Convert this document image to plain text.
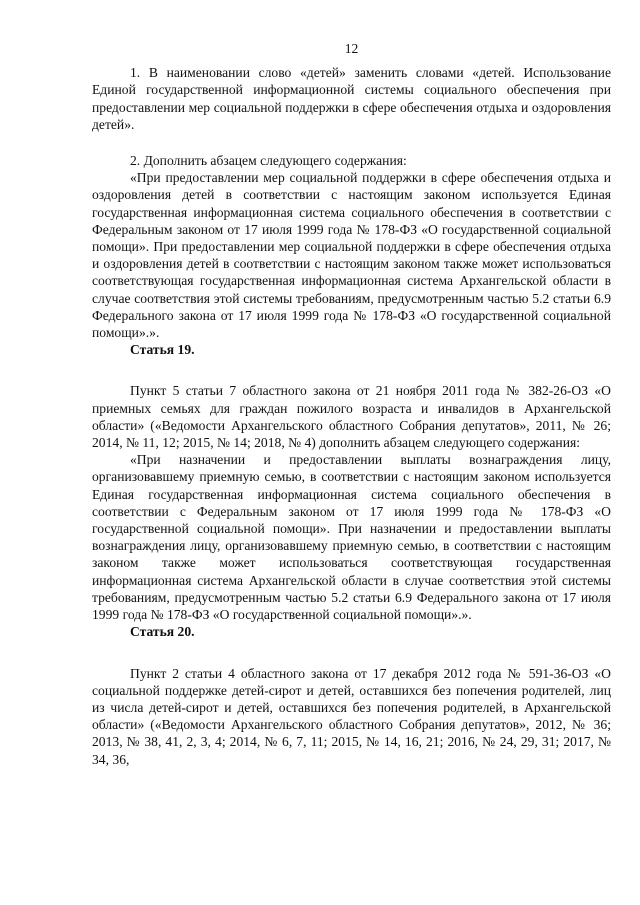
12

1. В наименовании слово «детей» заменить словами «детей. Использование Единой государственной информационной системы социального обеспечения при предоставлении мер социальной поддержки в сфере обеспечения отдыха и оздоровления детей».

2. Дополнить абзацем следующего содержания:

«При предоставлении мер социальной поддержки в сфере обеспечения отдыха и оздоровления детей в соответствии с настоящим законом используется Единая государственная информационная система социального обеспечения в соответствии с Федеральным законом от 17 июля 1999 года № 178-ФЗ «О государственной социальной помощи». При предоставлении мер социальной поддержки в сфере обеспечения отдыха и оздоровления детей в соответствии с настоящим законом также может использоваться соответствующая государственная информационная система Архангельской области в случае соответствия этой системы требованиям, предусмотренным частью 5.2 статьи 6.9 Федерального закона от 17 июля 1999 года № 178-ФЗ «О государственной социальной помощи».».

Статья 19.

Пункт 5 статьи 7 областного закона от 21 ноября 2011 года № 382-26-ОЗ «О приемных семьях для граждан пожилого возраста и инвалидов в Архангельской области» («Ведомости Архангельского областного Собрания депутатов», 2011, № 26; 2014, № 11, 12; 2015, № 14; 2018, № 4) дополнить абзацем следующего содержания:

«При назначении и предоставлении выплаты вознаграждения лицу, организовавшему приемную семью, в соответствии с настоящим законом используется Единая государственная информационная система социального обеспечения в соответствии с Федеральным законом от 17 июля 1999 года № 178-ФЗ «О государственной социальной помощи». При назначении и предоставлении выплаты вознаграждения лицу, организовавшему приемную семью, в соответствии с настоящим законом также может использоваться соответствующая государственная информационная система Архангельской области в случае соответствия этой системы требованиям, предусмотренным частью 5.2 статьи 6.9 Федерального закона от 17 июля 1999 года № 178-ФЗ «О государственной социальной помощи».».

Статья 20.

Пункт 2 статьи 4 областного закона от 17 декабря 2012 года № 591-36-ОЗ «О социальной поддержке детей-сирот и детей, оставшихся без попечения родителей, лиц из числа детей-сирот и детей, оставшихся без попечения родителей, в Архангельской области» («Ведомости Архангельского областного Собрания депутатов», 2012, № 36; 2013, № 38, 41, 2, 3, 4; 2014, № 6, 7, 11; 2015, № 14, 16, 21; 2016, № 24, 29, 31; 2017, № 34, 36,
